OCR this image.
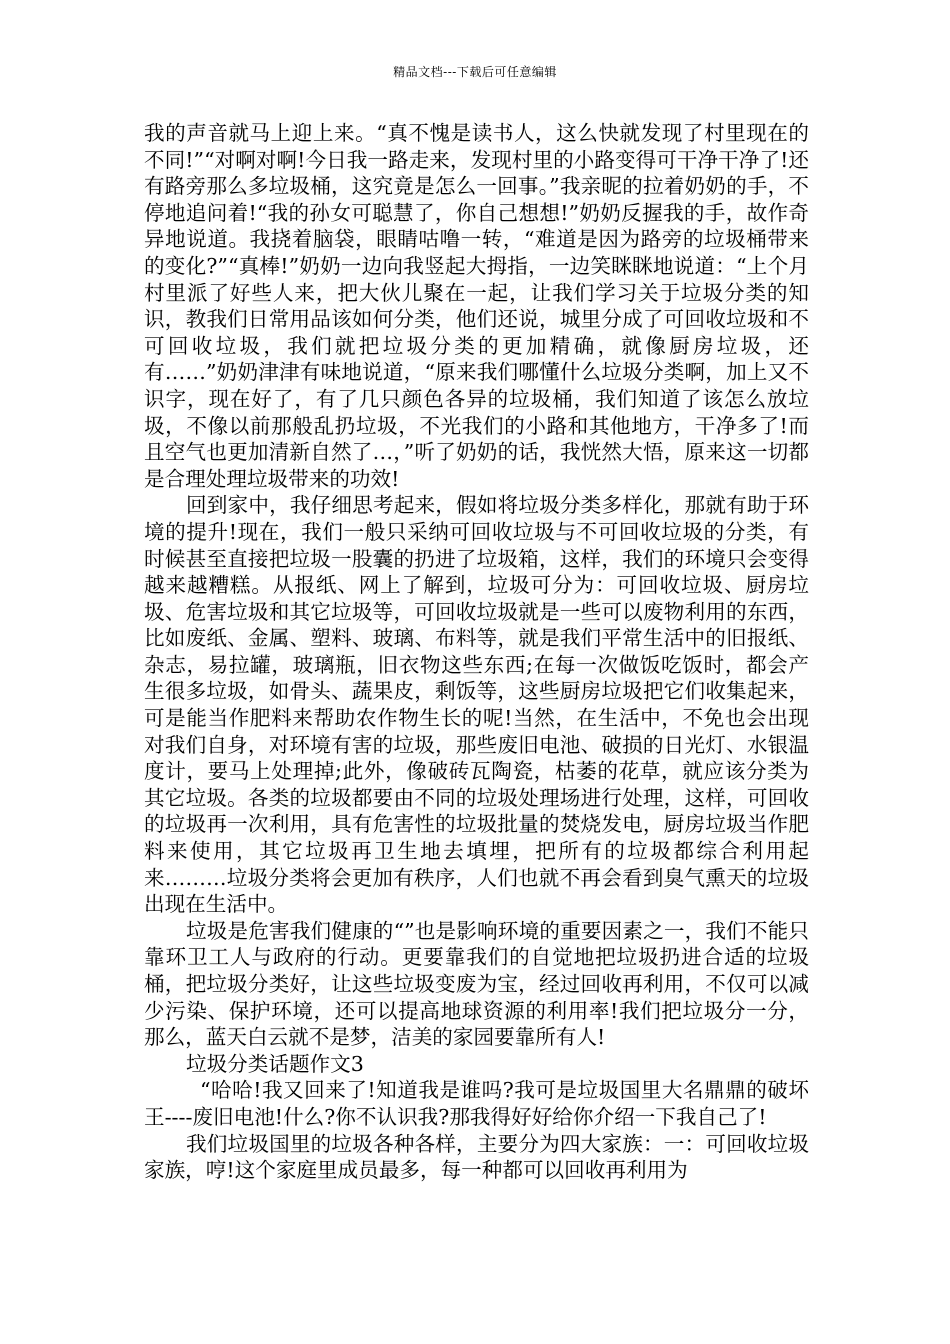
精品文档---下载后可任意编辑

我的声音就马上迎上来。“真不愧是读书人，这么快就发现了村里现在的不同!”“对啊对啊!今日我一路走来，发现村里的小路变得可干净干净了!还有路旁那么多垃圾桶，这究竟是怎么一回事。”我亲昵的拉着奶奶的手，不停地追问着!“我的孙女可聪慧了，你自己想想!”奶奶反握我的手，故作奇异地说道。我挠着脑袋，眼睛咕噜一转，“难道是因为路旁的垃圾桶带来的变化?”“真棒!”奶奶一边向我竖起大拇指，一边笑眯眯地说道：“上个月村里派了好些人来，把大伙儿聚在一起，让我们学习关于垃圾分类的知识，教我们日常用品该如何分类，他们还说，城里分成了可回收垃圾和不可回收垃圾，我们就把垃圾分类的更加精确，就像厨房垃圾，还有……”奶奶津津有味地说道，“原来我们哪懂什么垃圾分类啊，加上又不识字，现在好了，有了几只颜色各异的垃圾桶，我们知道了该怎么放垃圾，不像以前那般乱扔垃圾，不光我们的小路和其他地方，干净多了!而且空气也更加清新自然了…，”听了奶奶的话，我恍然大悟，原来这一切都是合理处理垃圾带来的功效!

回到家中，我仔细思考起来，假如将垃圾分类多样化，那就有助于环境的提升!现在，我们一般只采纳可回收垃圾与不可回收垃圾的分类，有时候甚至直接把垃圾一股囊的扔进了垃圾箱，这样，我们的环境只会变得越来越糟糕。从报纸、网上了解到，垃圾可分为：可回收垃圾、厨房垃圾、危害垃圾和其它垃圾等，可回收垃圾就是一些可以废物利用的东西，比如废纸、金属、塑料、玻璃、布料等，就是我们平常生活中的旧报纸、杂志，易拉罐，玻璃瓶，旧衣物这些东西;在每一次做饭吃饭时，都会产生很多垃圾，如骨头、蔬果皮，剩饭等，这些厨房垃圾把它们收集起来，可是能当作肥料来帮助农作物生长的呢!当然，在生活中，不免也会出现对我们自身，对环境有害的垃圾，那些废旧电池、破损的日光灯、水银温度计，要马上处理掉;此外，像破砖瓦陶瓷，枯萎的花草，就应该分类为其它垃圾。各类的垃圾都要由不同的垃圾处理场进行处理，这样，可回收的垃圾再一次利用，具有危害性的垃圾批量的焚烧发电，厨房垃圾当作肥料来使用，其它垃圾再卫生地去填埋，把所有的垃圾都综合利用起来………垃圾分类将会更加有秩序，人们也就不再会看到臭气熏天的垃圾出现在生活中。

垃圾是危害我们健康的“”也是影响环境的重要因素之一，我们不能只靠环卫工人与政府的行动。更要靠我们的自觉地把垃圾扔进合适的垃圾桶，把垃圾分类好，让这些垃圾变废为宝，经过回收再利用，不仅可以减少污染、保护环境，还可以提高地球资源的利用率!我们把垃圾分一分，那么，蓝天白云就不是梦，洁美的家园要靠所有人!

垃圾分类话题作文3

“哈哈!我又回来了!知道我是谁吗?我可是垃圾国里大名鼎鼎的破坏王----废旧电池!什么?你不认识我?那我得好好给你介绍一下我自己了!

我们垃圾国里的垃圾各种各样，主要分为四大家族：一：可回收垃圾家族，哼!这个家庭里成员最多，每一种都可以回收再利用为
